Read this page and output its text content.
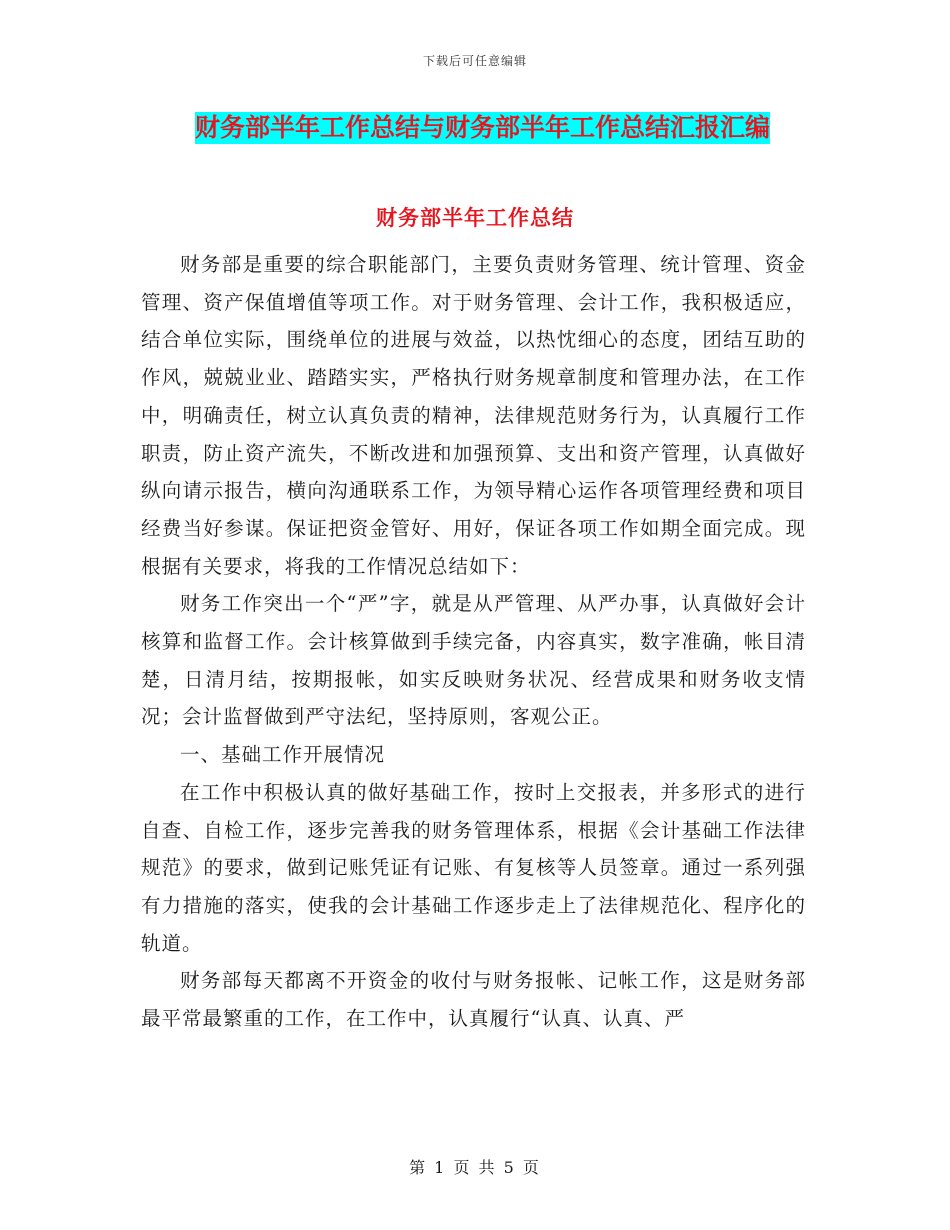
下载后可任意编辑
财务部半年工作总结与财务部半年工作总结汇报汇编
财务部半年工作总结

财务部是重要的综合职能部门，主要负责财务管理、统计管理、资金管理、资产保值增值等项工作。对于财务管理、会计工作，我积极适应，结合单位实际，围绕单位的进展与效益，以热忱细心的态度，团结互助的作风，兢兢业业、踏踏实实，严格执行财务规章制度和管理办法，在工作中，明确责任，树立认真负责的精神，法律规范财务行为，认真履行工作职责，防止资产流失，不断改进和加强预算、支出和资产管理，认真做好纵向请示报告，横向沟通联系工作，为领导精心运作各项管理经费和项目经费当好参谋。保证把资金管好、用好，保证各项工作如期全面完成。现根据有关要求，将我的工作情况总结如下：

财务工作突出一个“严”字，就是从严管理、从严办事，认真做好会计核算和监督工作。会计核算做到手续完备，内容真实，数字准确，帐目清楚，日清月结，按期报帐，如实反映财务状况、经营成果和财务收支情况；会计监督做到严守法纪，坚持原则，客观公正。

一、基础工作开展情况

在工作中积极认真的做好基础工作，按时上交报表，并多形式的进行自查、自检工作，逐步完善我的财务管理体系，根据《会计基础工作法律规范》的要求，做到记账凭证有记账、有复核等人员签章。通过一系列强有力措施的落实，使我的会计基础工作逐步走上了法律规范化、程序化的轨道。

财务部每天都离不开资金的收付与财务报帐、记帐工作，这是财务部最平常最繁重的工作，在工作中，认真履行“认真、认真、严

第 1 页 共 5 页
